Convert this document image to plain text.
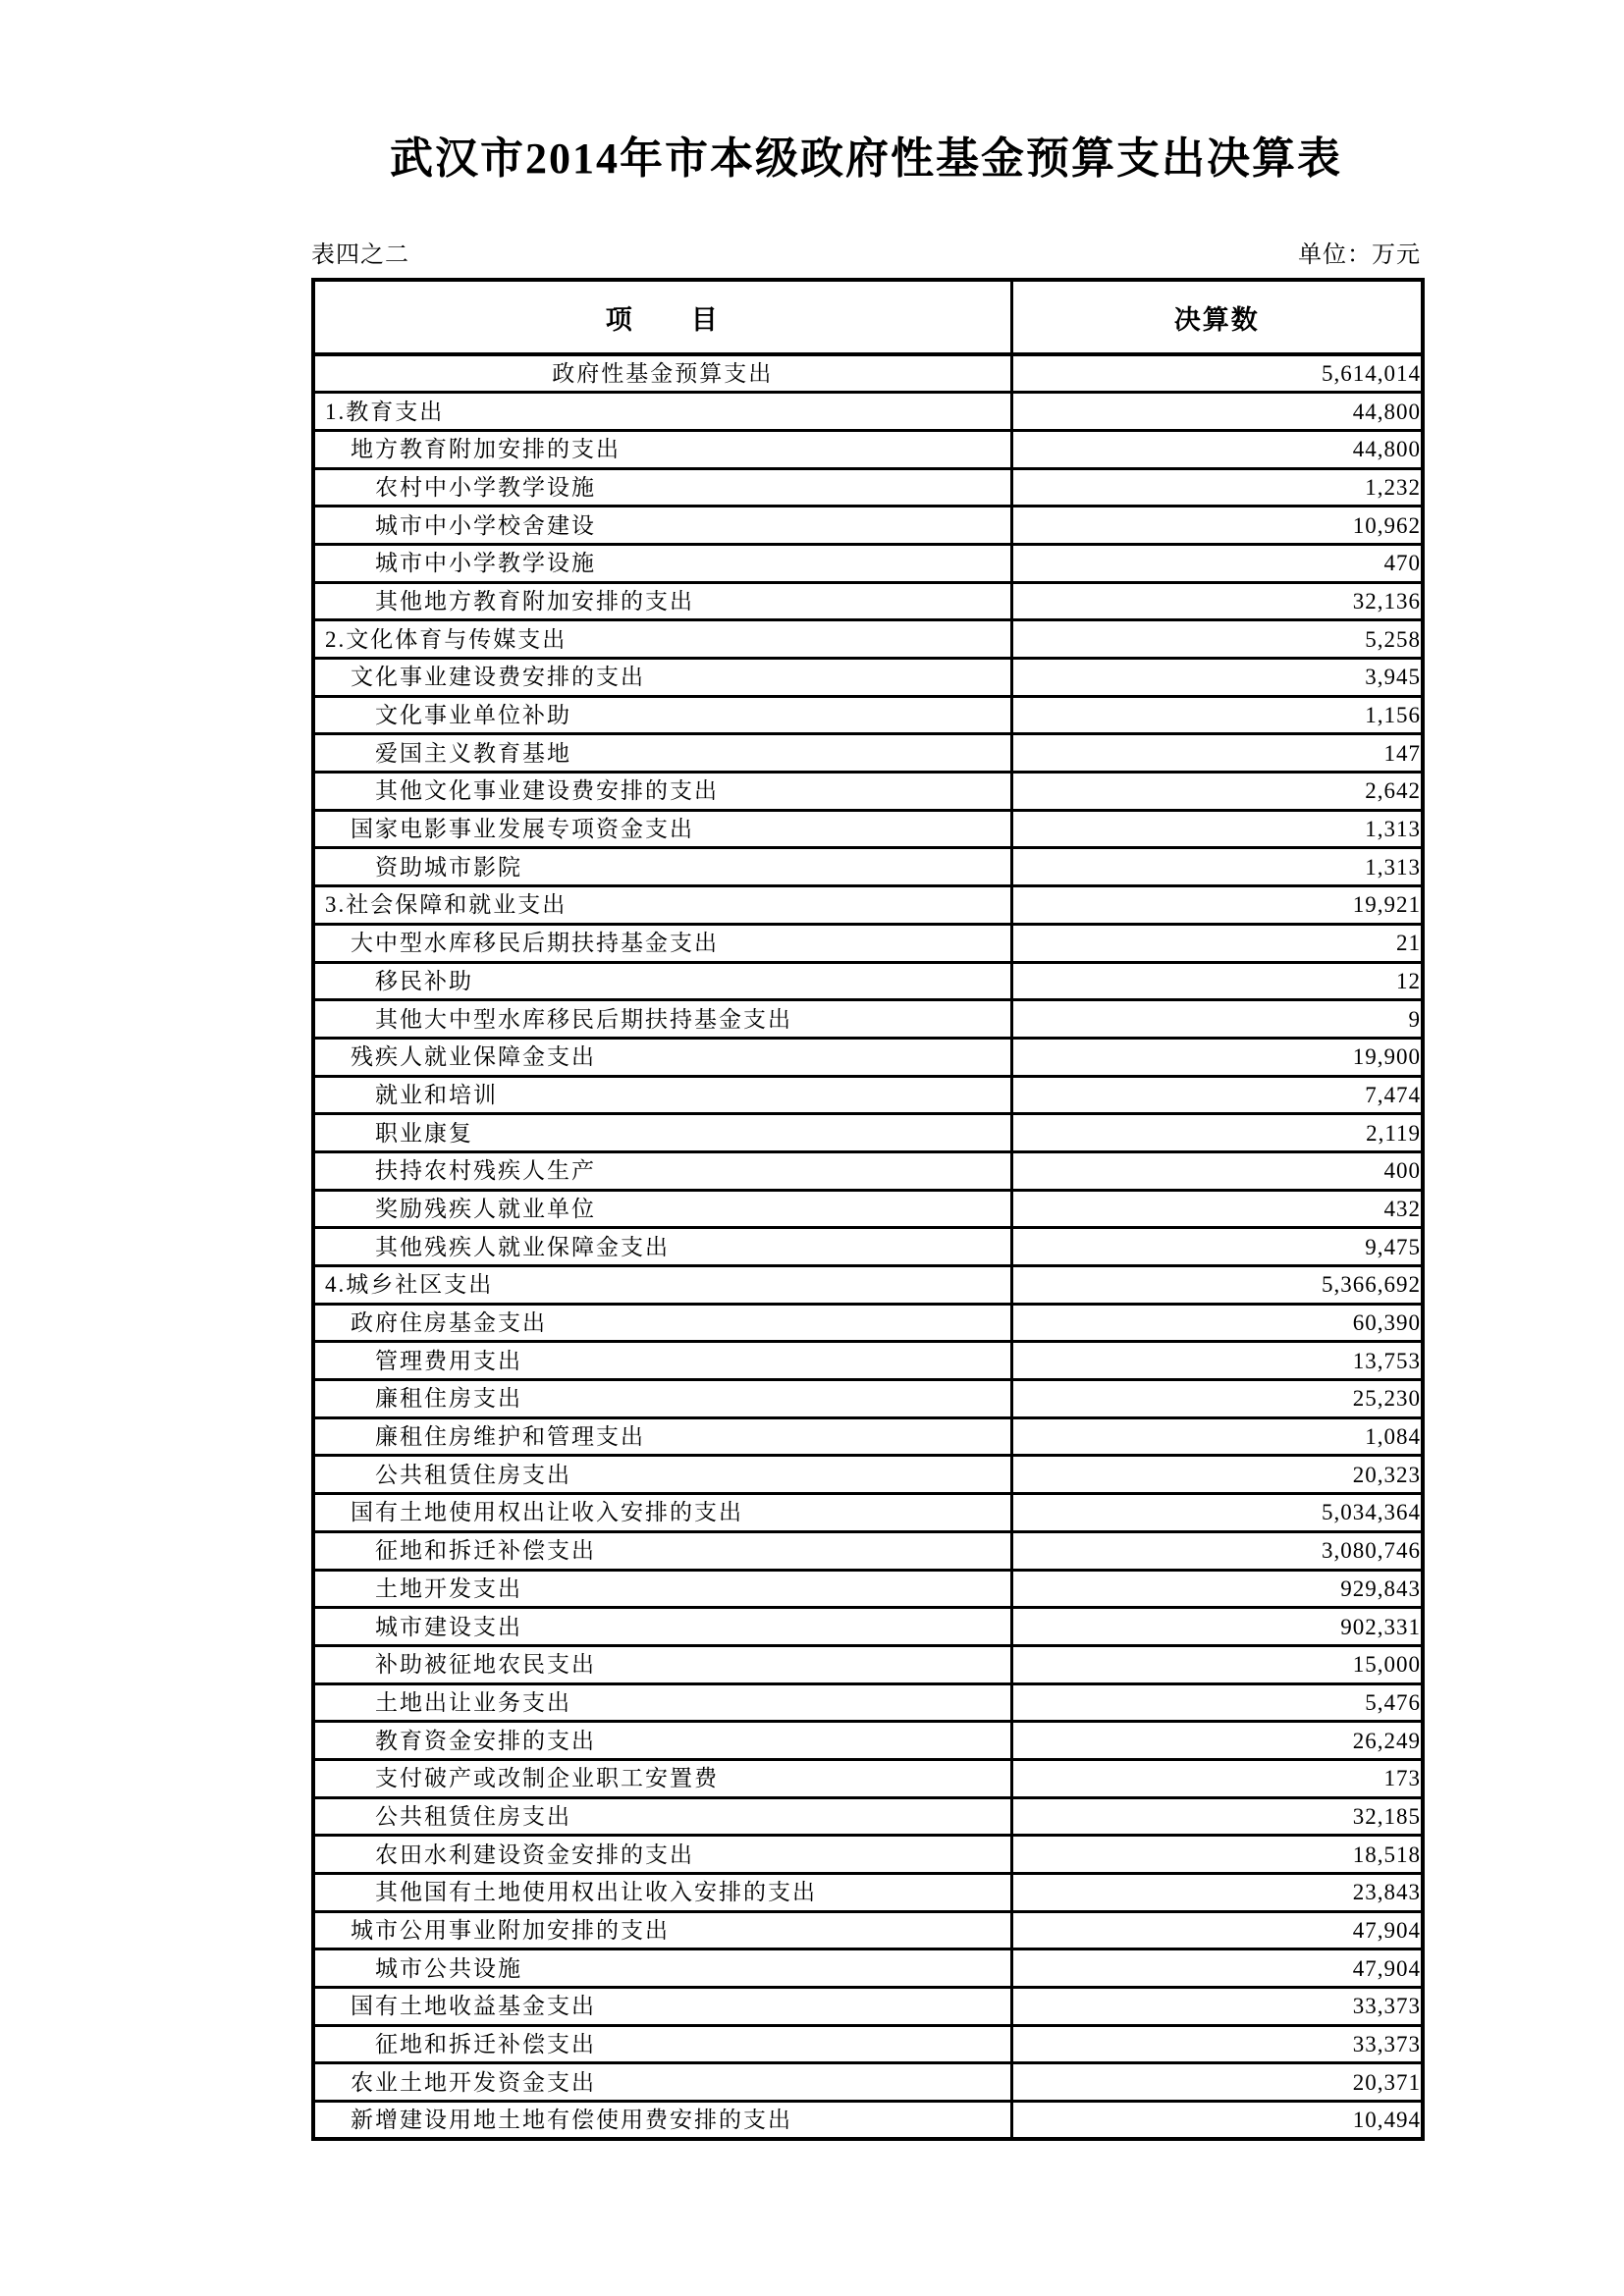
武汉市2014年市本级政府性基金预算支出决算表
表四之二	单位：万元
项　　目	决算数
政府性基金预算支出	5,614,014
1.教育支出	44,800
地方教育附加安排的支出	44,800
农村中小学教学设施	1,232
城市中小学校舍建设	10,962
城市中小学教学设施	470
其他地方教育附加安排的支出	32,136
2.文化体育与传媒支出	5,258
文化事业建设费安排的支出	3,945
文化事业单位补助	1,156
爱国主义教育基地	147
其他文化事业建设费安排的支出	2,642
国家电影事业发展专项资金支出	1,313
资助城市影院	1,313
3.社会保障和就业支出	19,921
大中型水库移民后期扶持基金支出	21
移民补助	12
其他大中型水库移民后期扶持基金支出	9
残疾人就业保障金支出	19,900
就业和培训	7,474
职业康复	2,119
扶持农村残疾人生产	400
奖励残疾人就业单位	432
其他残疾人就业保障金支出	9,475
4.城乡社区支出	5,366,692
政府住房基金支出	60,390
管理费用支出	13,753
廉租住房支出	25,230
廉租住房维护和管理支出	1,084
公共租赁住房支出	20,323
国有土地使用权出让收入安排的支出	5,034,364
征地和拆迁补偿支出	3,080,746
土地开发支出	929,843
城市建设支出	902,331
补助被征地农民支出	15,000
土地出让业务支出	5,476
教育资金安排的支出	26,249
支付破产或改制企业职工安置费	173
公共租赁住房支出	32,185
农田水利建设资金安排的支出	18,518
其他国有土地使用权出让收入安排的支出	23,843
城市公用事业附加安排的支出	47,904
城市公共设施	47,904
国有土地收益基金支出	33,373
征地和拆迁补偿支出	33,373
农业土地开发资金支出	20,371
新增建设用地土地有偿使用费安排的支出	10,494
